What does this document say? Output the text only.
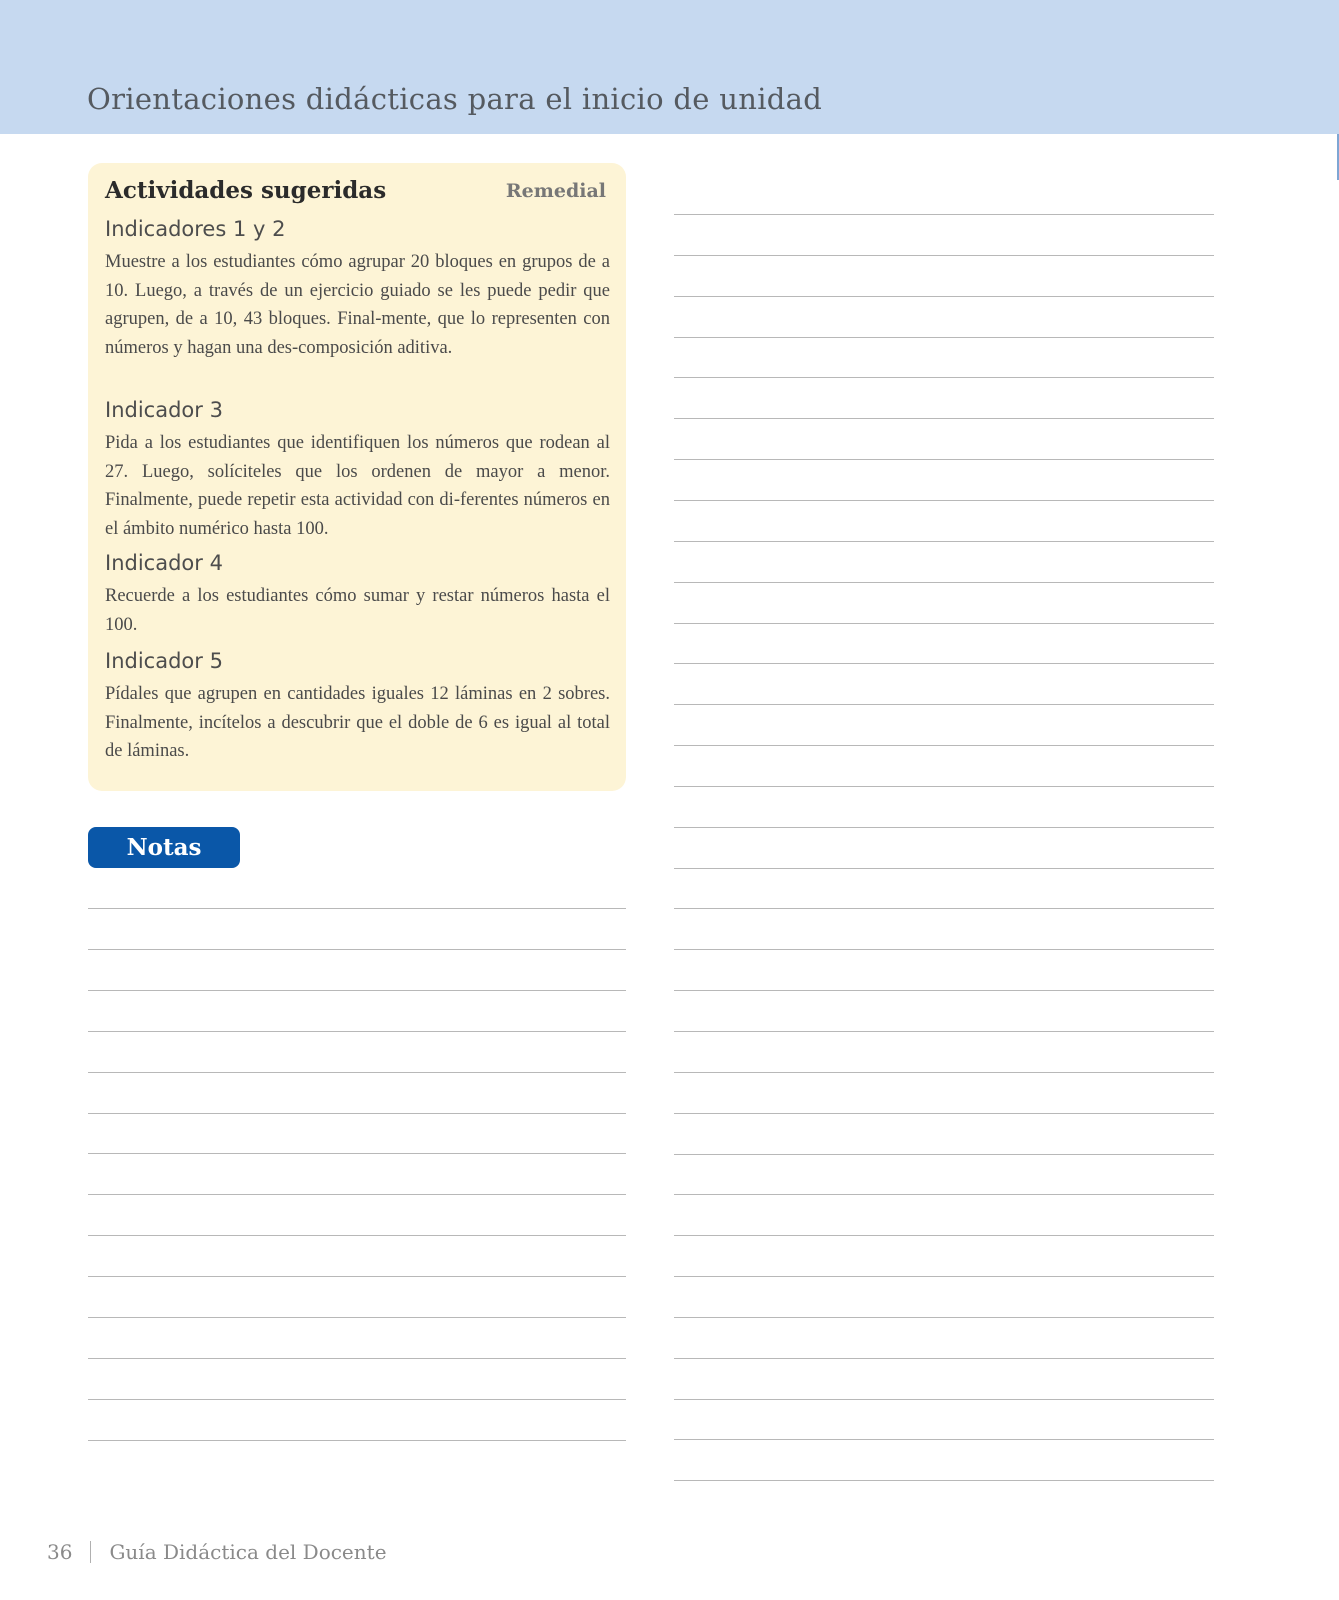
Orientaciones didácticas para el inicio de unidad
Actividades sugeridas	Remedial
Indicadores 1 y 2

Muestre a los estudiantes cómo agrupar 20 bloques en grupos de a 10. Luego, a través de un ejercicio guiado se les puede pedir que agrupen, de a 10, 43 bloques. Final-mente, que lo representen con números y hagan una des-composición aditiva.

Indicador 3

Pida a los estudiantes que identifiquen los números que rodean al 27. Luego, solíciteles que los ordenen de mayor a menor. Finalmente, puede repetir esta actividad con di-ferentes números en el ámbito numérico hasta 100.

Indicador 4

Recuerde a los estudiantes cómo sumar y restar números hasta el 100.

Indicador 5

Pídales que agrupen en cantidades iguales 12 láminas en 2 sobres. Finalmente, incítelos a descubrir que el doble de 6 es igual al total de láminas.

Notas
36 Guía Didáctica del Docente
